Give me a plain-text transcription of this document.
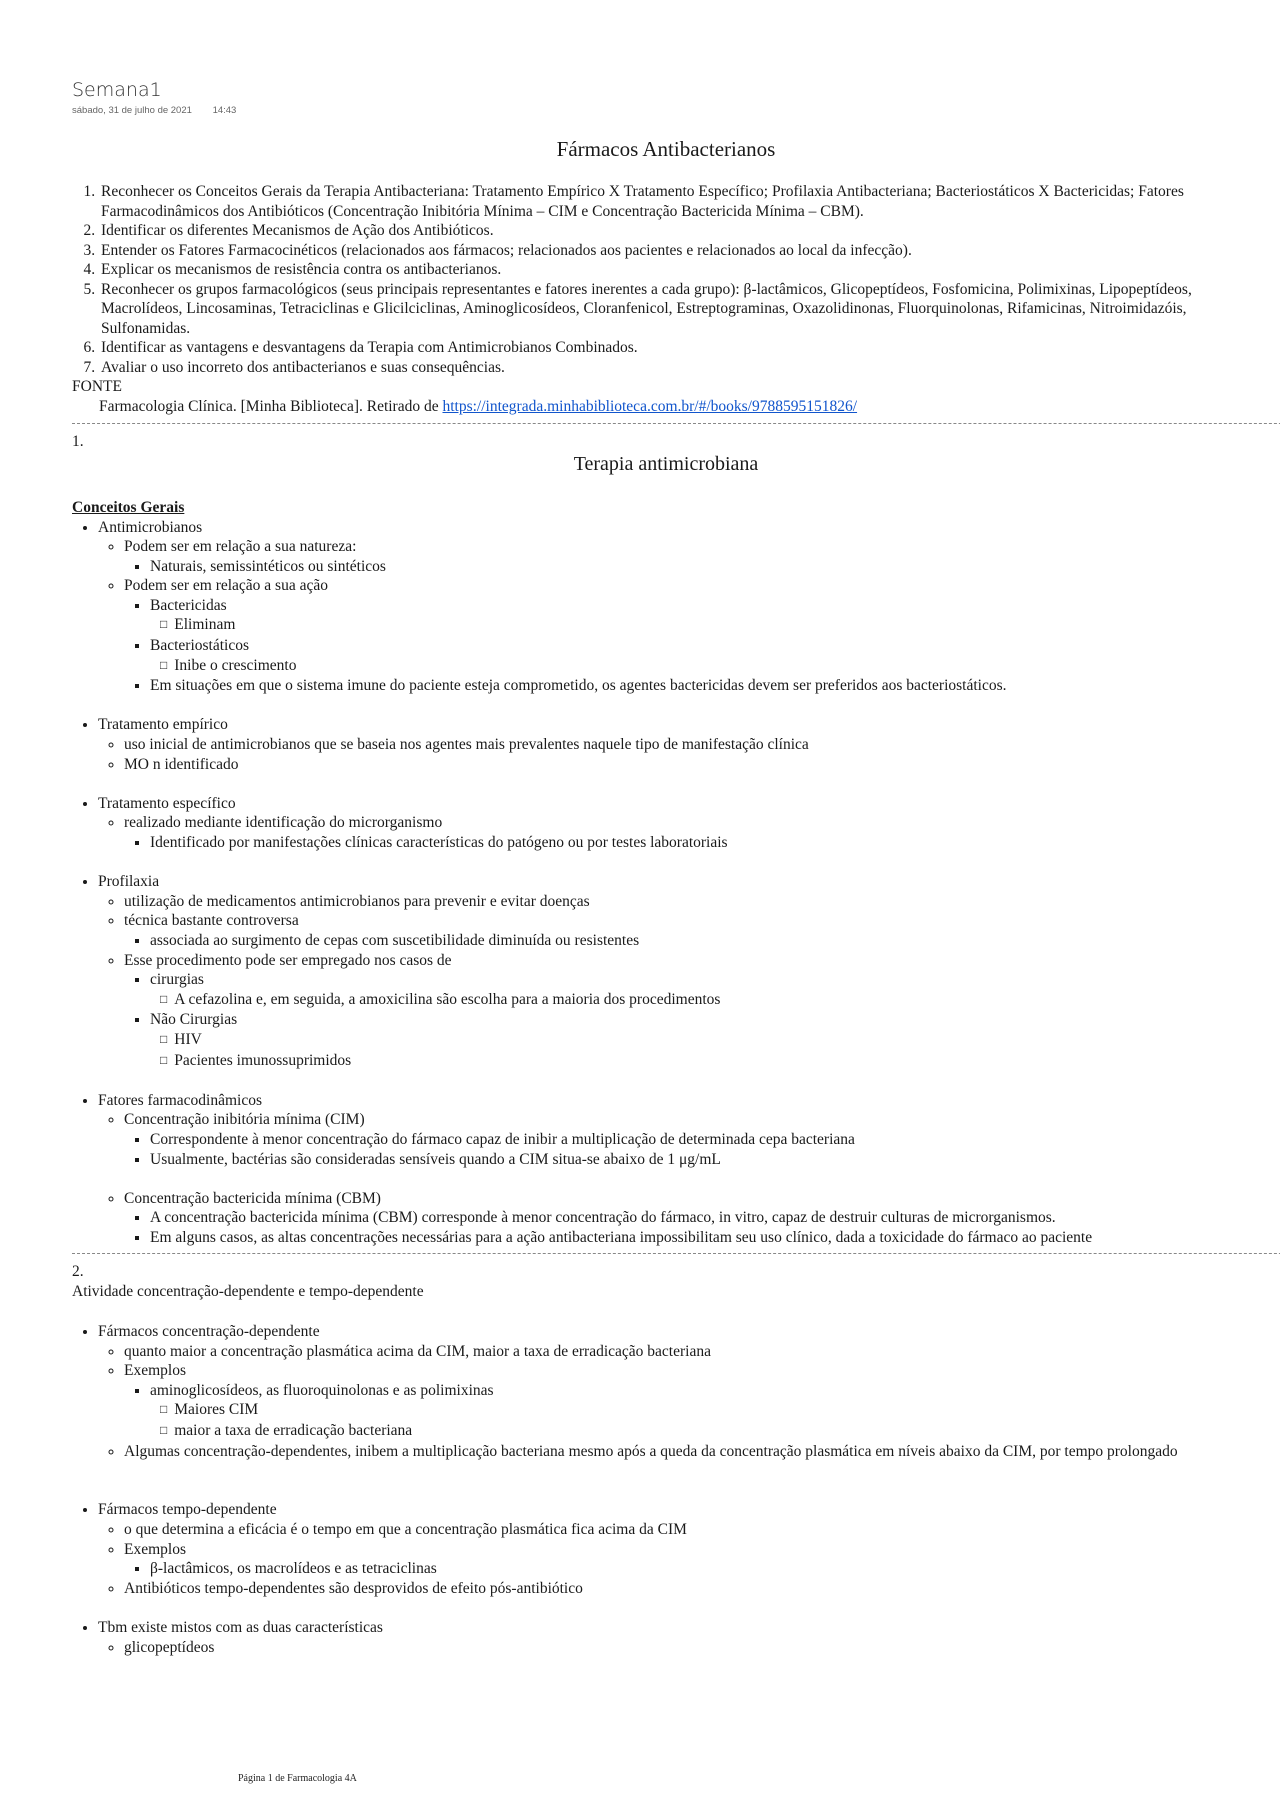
Semana1
sábado, 31 de julho de 2021 14:43
Fármacos Antibacterianos
1. Reconhecer os Conceitos Gerais da Terapia Antibacteriana: Tratamento Empírico X Tratamento Específico; Profilaxia Antibacteriana; Bacteriostáticos X Bactericidas; Fatores Farmacodinâmicos dos Antibióticos (Concentração Inibitória Mínima – CIM e Concentração Bactericida Mínima – CBM).
2. Identificar os diferentes Mecanismos de Ação dos Antibióticos.
3. Entender os Fatores Farmacocinéticos (relacionados aos fármacos; relacionados aos pacientes e relacionados ao local da infecção).
4. Explicar os mecanismos de resistência contra os antibacterianos.
5. Reconhecer os grupos farmacológicos (seus principais representantes e fatores inerentes a cada grupo): β-lactâmicos, Glicopeptídeos, Fosfomicina, Polimixinas, Lipopeptídeos, Macrolídeos, Lincosaminas, Tetraciclinas e Glicilciclinas, Aminoglicosídeos, Cloranfenicol, Estreptograminas, Oxazolidinonas, Fluorquinolonas, Rifamicinas, Nitroimidazóis, Sulfonamidas.
6. Identificar as vantagens e desvantagens da Terapia com Antimicrobianos Combinados.
7. Avaliar o uso incorreto dos antibacterianos e suas consequências.
FONTE
Farmacologia Clínica. [Minha Biblioteca]. Retirado de https://integrada.minhabiblioteca.com.br/#/books/9788595151826/
1.
Terapia antimicrobiana
Conceitos Gerais
• Antimicrobianos
◦ Podem ser em relação a sua natureza:
▪ Naturais, semissintéticos ou sintéticos
◦ Podem ser em relação a sua ação
▪ Bactericidas
□ Eliminam
▪ Bacteriostáticos
□ Inibe o crescimento
▪ Em situações em que o sistema imune do paciente esteja comprometido, os agentes bactericidas devem ser preferidos aos bacteriostáticos.
• Tratamento empírico
◦ uso inicial de antimicrobianos que se baseia nos agentes mais prevalentes naquele tipo de manifestação clínica
◦ MO n identificado
• Tratamento específico
◦ realizado mediante identificação do microrganismo
▪ Identificado por manifestações clínicas características do patógeno ou por testes laboratoriais
• Profilaxia
◦ utilização de medicamentos antimicrobianos para prevenir e evitar doenças
◦ técnica bastante controversa
▪ associada ao surgimento de cepas com suscetibilidade diminuída ou resistentes
◦ Esse procedimento pode ser empregado nos casos de
▪ cirurgias
□ A cefazolina e, em seguida, a amoxicilina são escolha para a maioria dos procedimentos
▪ Não Cirurgias
□ HIV
□ Pacientes imunossuprimidos
• Fatores farmacodinâmicos
◦ Concentração inibitória mínima (CIM)
▪ Correspondente à menor concentração do fármaco capaz de inibir a multiplicação de determinada cepa bacteriana
▪ Usualmente, bactérias são consideradas sensíveis quando a CIM situa-se abaixo de 1 μg/mL
◦ Concentração bactericida mínima (CBM)
▪ A concentração bactericida mínima (CBM) corresponde à menor concentração do fármaco, in vitro, capaz de destruir culturas de microrganismos.
▪ Em alguns casos, as altas concentrações necessárias para a ação antibacteriana impossibilitam seu uso clínico, dada a toxicidade do fármaco ao paciente
2.
Atividade concentração-dependente e tempo-dependente
• Fármacos concentração-dependente
◦ quanto maior a concentração plasmática acima da CIM, maior a taxa de erradicação bacteriana
◦ Exemplos
▪ aminoglicosídeos, as fluoroquinolonas e as polimixinas
□ Maiores CIM
□ maior a taxa de erradicação bacteriana
◦ Algumas concentração-dependentes, inibem a multiplicação bacteriana mesmo após a queda da concentração plasmática em níveis abaixo da CIM, por tempo prolongado
• Fármacos tempo-dependente
◦ o que determina a eficácia é o tempo em que a concentração plasmática fica acima da CIM
◦ Exemplos
▪ β-lactâmicos, os macrolídeos e as tetraciclinas
◦ Antibióticos tempo-dependentes são desprovidos de efeito pós-antibiótico
• Tbm existe mistos com as duas características
◦ glicopeptídeos
Página 1 de Farmacologia 4A
